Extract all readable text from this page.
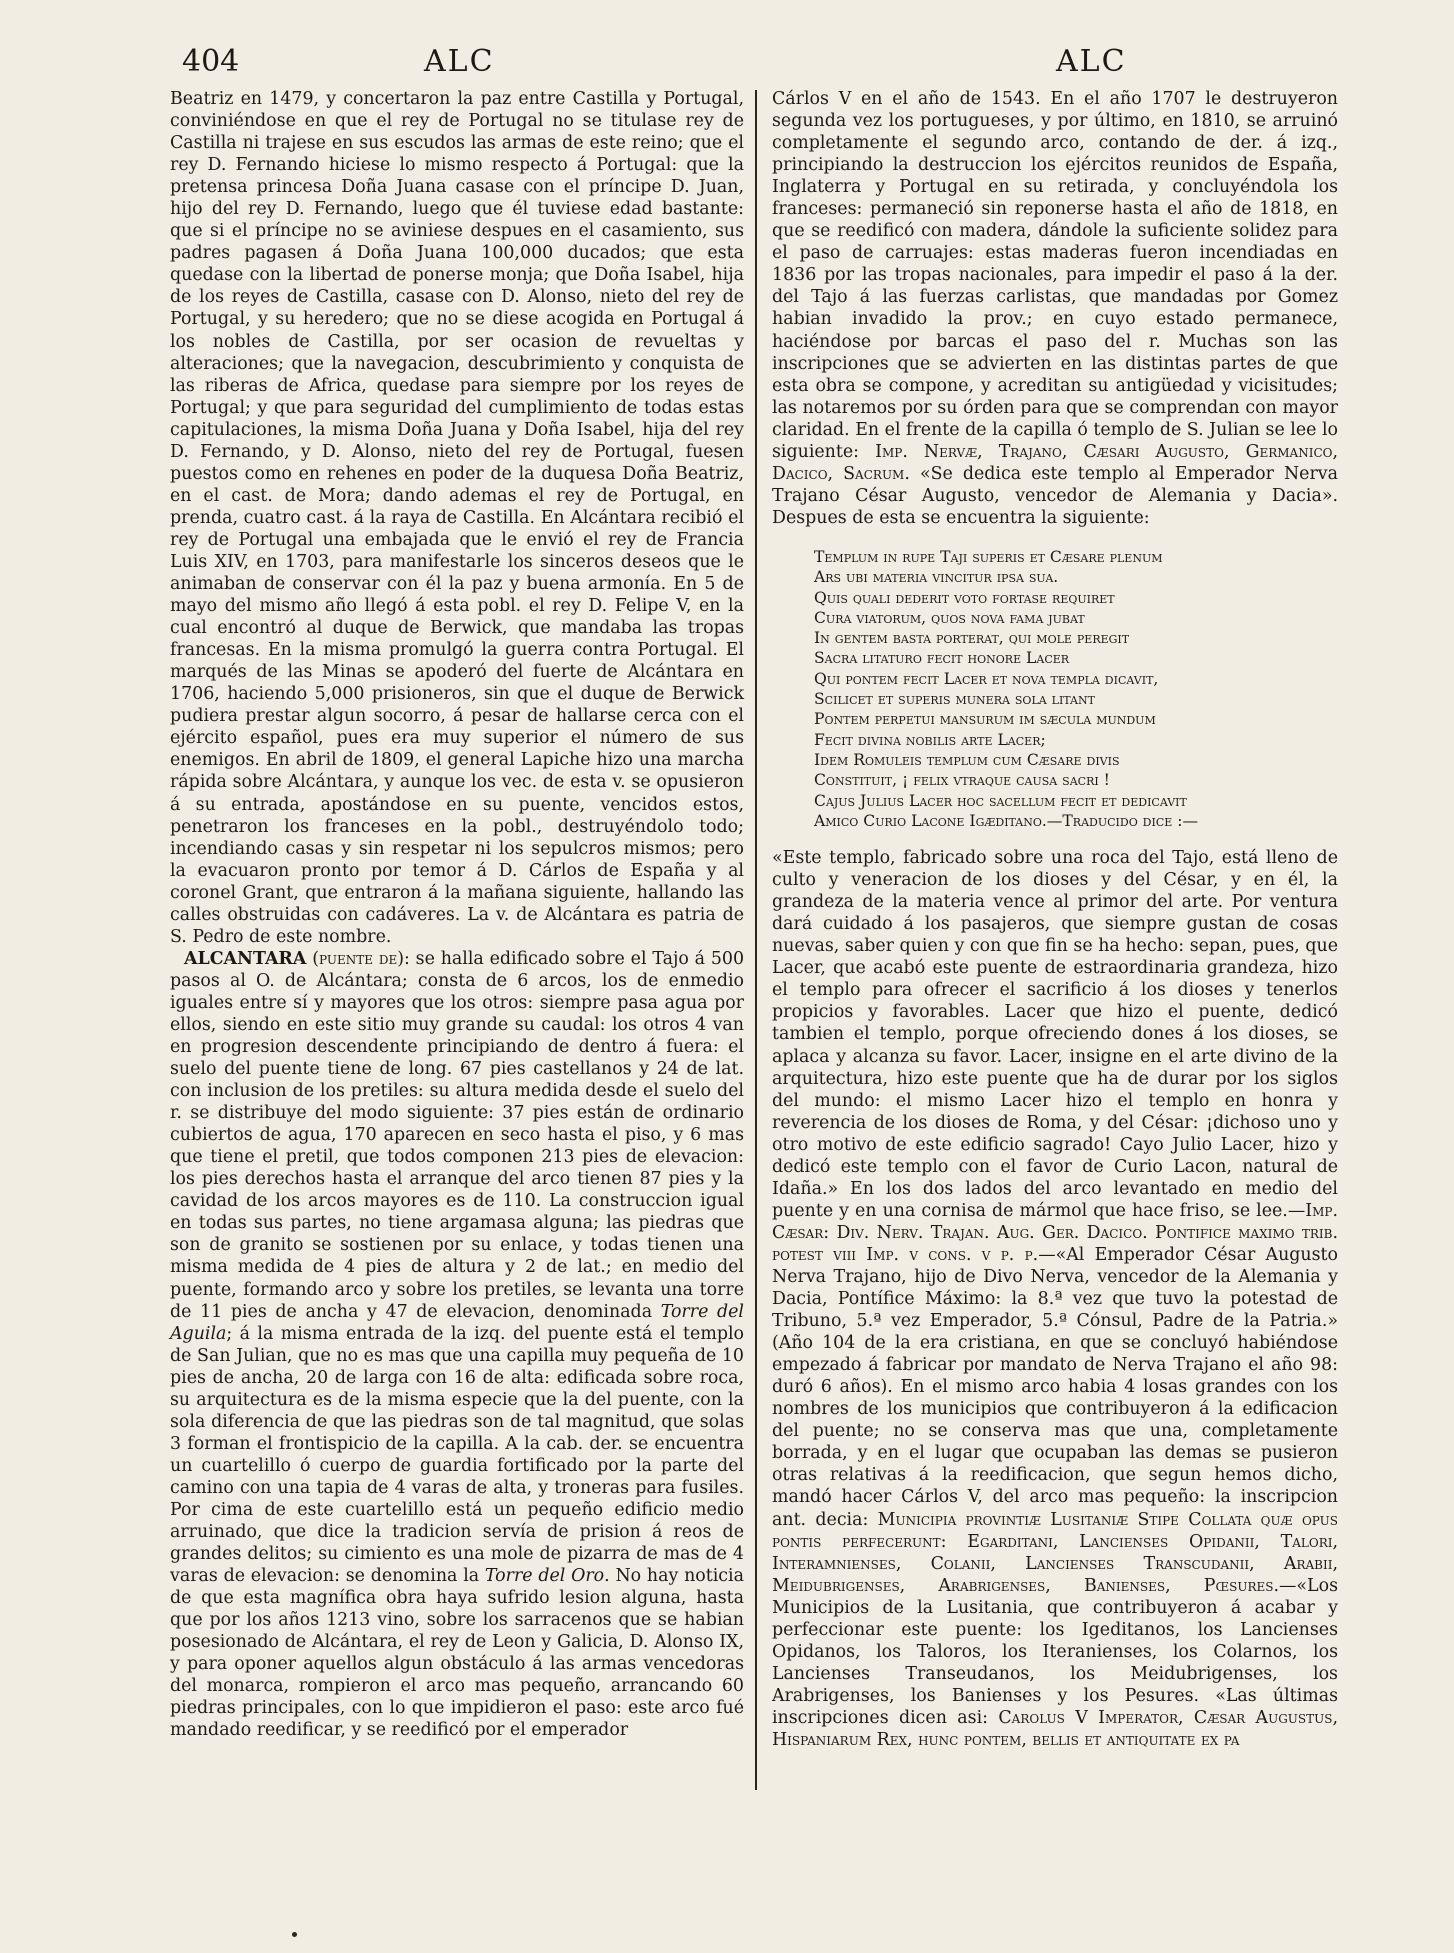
404	ALC	ALC

Beatriz en 1479, y concertaron la paz entre Castilla y Portugal, conviniéndose en que el rey de Portugal no se titulase rey de Castilla ni trajese en sus escudos las armas de este reino; que el rey D. Fernando hiciese lo mismo respecto á Portugal: que la pretensa princesa Doña Juana casase con el príncipe D. Juan, hijo del rey D. Fernando, luego que él tuviese edad bastante: que si el príncipe no se aviniese despues en el casamiento, sus padres pagasen á Doña Juana 100,000 ducados; que esta quedase con la libertad de ponerse monja; que Doña Isabel, hija de los reyes de Castilla, casase con D. Alonso, nieto del rey de Portugal, y su heredero; que no se diese acogida en Portugal á los nobles de Castilla, por ser ocasion de revueltas y alteraciones; que la navegacion, descubrimiento y conquista de las riberas de Africa, quedase para siempre por los reyes de Portugal; y que para seguridad del cumplimiento de todas estas capitulaciones, la misma Doña Juana y Doña Isabel, hija del rey D. Fernando, y D. Alonso, nieto del rey de Portugal, fuesen puestos como en rehenes en poder de la duquesa Doña Beatriz, en el cast. de Mora; dando ademas el rey de Portugal, en prenda, cuatro cast. á la raya de Castilla. En Alcántara recibió el rey de Portugal una embajada que le envió el rey de Francia Luis XIV, en 1703, para manifestarle los sinceros deseos que le animaban de conservar con él la paz y buena armonía. En 5 de mayo del mismo año llegó á esta pobl. el rey D. Felipe V, en la cual encontró al duque de Berwick, que mandaba las tropas francesas. En la misma promulgó la guerra contra Portugal. El marqués de las Minas se apoderó del fuerte de Alcántara en 1706, haciendo 5,000 prisioneros, sin que el duque de Berwick pudiera prestar algun socorro, á pesar de hallarse cerca con el ejército español, pues era muy superior el número de sus enemigos. En abril de 1809, el general Lapiche hizo una marcha rápida sobre Alcántara, y aunque los vec. de esta v. se opusieron á su entrada, apostándose en su puente, vencidos estos, penetraron los franceses en la pobl., destruyéndolo todo; incendiando casas y sin respetar ni los sepulcros mismos; pero la evacuaron pronto por temor á D. Cárlos de España y al coronel Grant, que entraron á la mañana siguiente, hallando las calles obstruidas con cadáveres. La v. de Alcántara es patria de S. Pedro de este nombre.

ALCANTARA (puente de): se halla edificado sobre el Tajo á 500 pasos al O. de Alcántara; consta de 6 arcos, los de enmedio iguales entre sí y mayores que los otros: siempre pasa agua por ellos, siendo en este sitio muy grande su caudal: los otros 4 van en progresion descendente principiando de dentro á fuera: el suelo del puente tiene de long. 67 pies castellanos y 24 de lat. con inclusion de los pretiles: su altura medida desde el suelo del r. se distribuye del modo siguiente: 37 pies están de ordinario cubiertos de agua, 170 aparecen en seco hasta el piso, y 6 mas que tiene el pretil, que todos componen 213 pies de elevacion: los pies derechos hasta el arranque del arco tienen 87 pies y la cavidad de los arcos mayores es de 110. La construccion igual en todas sus partes, no tiene argamasa alguna; las piedras que son de granito se sostienen por su enlace, y todas tienen una misma medida de 4 pies de altura y 2 de lat.; en medio del puente, formando arco y sobre los pretiles, se levanta una torre de 11 pies de ancha y 47 de elevacion, denominada Torre del Aguila; á la misma entrada de la izq. del puente está el templo de San Julian, que no es mas que una capilla muy pequeña de 10 pies de ancha, 20 de larga con 16 de alta: edificada sobre roca, su arquitectura es de la misma especie que la del puente, con la sola diferencia de que las piedras son de tal magnitud, que solas 3 forman el frontispicio de la capilla. A la cab. der. se encuentra un cuartelillo ó cuerpo de guardia fortificado por la parte del camino con una tapia de 4 varas de alta, y troneras para fusiles. Por cima de este cuartelillo está un pequeño edificio medio arruinado, que dice la tradicion servía de prision á reos de grandes delitos; su cimiento es una mole de pizarra de mas de 4 varas de elevacion: se denomina la Torre del Oro. No hay noticia de que esta magnífica obra haya sufrido lesion alguna, hasta que por los años 1213 vino, sobre los sarracenos que se habian posesionado de Alcántara, el rey de Leon y Galicia, D. Alonso IX, y para oponer aquellos algun obstáculo á las armas vencedoras del monarca, rompieron el arco mas pequeño, arrancando 60 piedras principales, con lo que impidieron el paso: este arco fué mandado reedificar, y se reedificó por el emperador

Cárlos V en el año de 1543. En el año 1707 le destruyeron segunda vez los portugueses, y por último, en 1810, se arruinó completamente el segundo arco, contando de der. á izq., principiando la destruccion los ejércitos reunidos de España, Inglaterra y Portugal en su retirada, y concluyéndola los franceses: permaneció sin reponerse hasta el año de 1818, en que se reedificó con madera, dándole la suficiente solidez para el paso de carruajes: estas maderas fueron incendiadas en 1836 por las tropas nacionales, para impedir el paso á la der. del Tajo á las fuerzas carlistas, que mandadas por Gomez habian invadido la prov.; en cuyo estado permanece, haciéndose por barcas el paso del r. Muchas son las inscripciones que se advierten en las distintas partes de que esta obra se compone, y acreditan su antigüedad y vicisitudes; las notaremos por su órden para que se comprendan con mayor claridad. En el frente de la capilla ó templo de S. Julian se lee lo siguiente: Imp. Nervæ, Trajano, Cæsari Augusto, Germanico, Dacico, Sacrum. «Se dedica este templo al Emperador Nerva Trajano César Augusto, vencedor de Alemania y Dacia». Despues de esta se encuentra la siguiente:

Templum in rupe Taji superis et Cæsare plenum
Ars ubi materia vincitur ipsa sua.
Quis quali dederit voto fortase requiret
Cura viatorum, quos nova fama jubat
In gentem basta porterat, qui mole peregit
Sacra litaturo fecit honore Lacer
Qui pontem fecit Lacer et nova templa dicavit,
Scilicet et superis munera sola litant
Pontem perpetui mansurum im sæcula mundum
Fecit divina nobilis arte Lacer;
Idem Romuleis templum cum Cæsare divis
Constituit, ¡ felix vtraque causa sacri !
Cajus Julius Lacer hoc sacellum fecit et dedicavit
Amico Curio Lacone Igæditano.—Traducido dice :—

«Este templo, fabricado sobre una roca del Tajo, está lleno de culto y veneracion de los dioses y del César, y en él, la grandeza de la materia vence al primor del arte. Por ventura dará cuidado á los pasajeros, que siempre gustan de cosas nuevas, saber quien y con que fin se ha hecho: sepan, pues, que Lacer, que acabó este puente de estraordinaria grandeza, hizo el templo para ofrecer el sacrificio á los dioses y tenerlos propicios y favorables. Lacer que hizo el puente, dedicó tambien el templo, porque ofreciendo dones á los dioses, se aplaca y alcanza su favor. Lacer, insigne en el arte divino de la arquitectura, hizo este puente que ha de durar por los siglos del mundo: el mismo Lacer hizo el templo en honra y reverencia de los dioses de Roma, y del César: ¡dichoso uno y otro motivo de este edificio sagrado! Cayo Julio Lacer, hizo y dedicó este templo con el favor de Curio Lacon, natural de Idaña.» En los dos lados del arco levantado en medio del puente y en una cornisa de mármol que hace friso, se lee.—Imp. Cæsar: Div. Nerv. Trajan. Aug. Ger. Dacico. Pontifice maximo trib. potest viii Imp. v cons. v p. p.—«Al Emperador César Augusto Nerva Trajano, hijo de Divo Nerva, vencedor de la Alemania y Dacia, Pontífice Máximo: la 8.ª vez que tuvo la potestad de Tribuno, 5.ª vez Emperador, 5.ª Cónsul, Padre de la Patria.» (Año 104 de la era cristiana, en que se concluyó habiéndose empezado á fabricar por mandato de Nerva Trajano el año 98: duró 6 años). En el mismo arco habia 4 losas grandes con los nombres de los municipios que contribuyeron á la edificacion del puente; no se conserva mas que una, completamente borrada, y en el lugar que ocupaban las demas se pusieron otras relativas á la reedificacion, que segun hemos dicho, mandó hacer Cárlos V, del arco mas pequeño: la inscripcion ant. decia: Municipia provintiæ Lusitaniæ Stipe Collata quæ opus pontis perfecerunt: Egarditani, Lancienses Opidanii, Talori, Interamnienses, Colanii, Lancienses Transcudanii, Arabii, Meidubrigenses, Arabrigenses, Banienses, Pœsures.—«Los Municipios de la Lusitania, que contribuyeron á acabar y perfeccionar este puente: los Igeditanos, los Lancienses Opidanos, los Taloros, los Iteranienses, los Colarnos, los Lancienses Transeudanos, los Meidubrigenses, los Arabrigenses, los Banienses y los Pesures. «Las últimas inscripciones dicen asi: Carolus V Imperator, Cæsar Augustus, Hispaniarum Rex, hunc pontem, bellis et antiquitate ex pa
